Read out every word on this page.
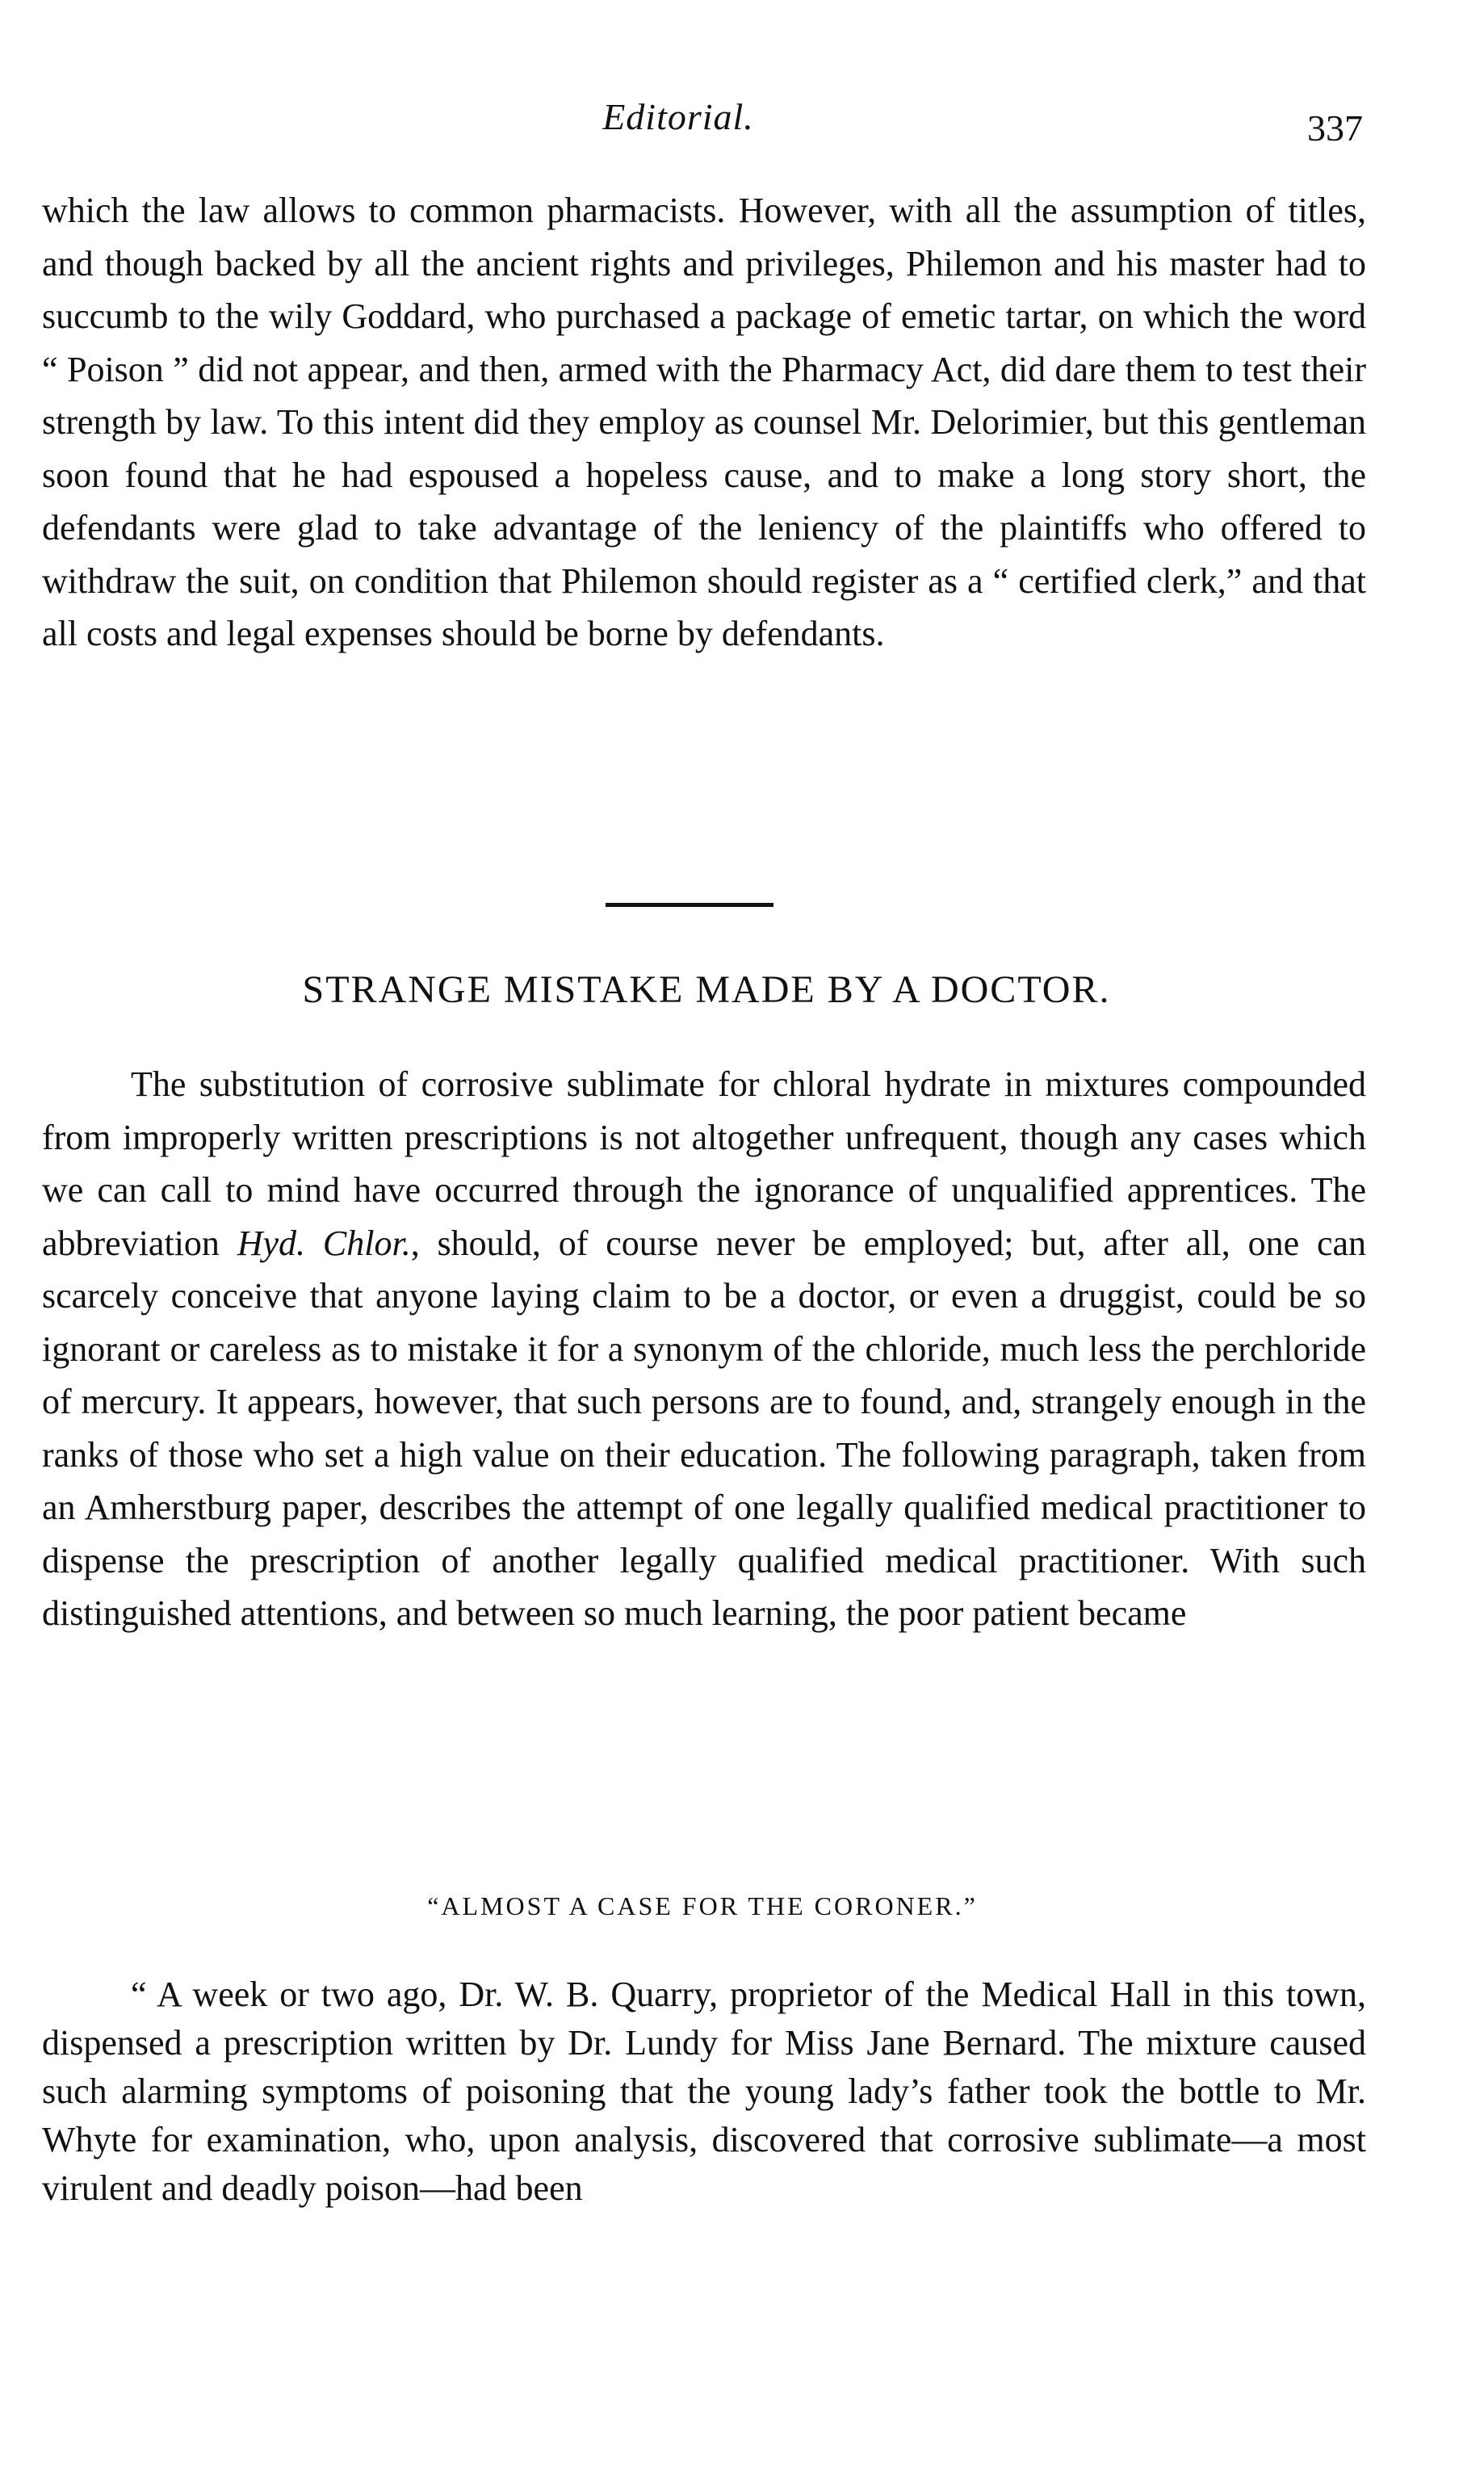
Editorial.	337

which the law allows to common pharmacists. However, with all the assumption of titles, and though backed by all the ancient rights and privileges, Philemon and his master had to succumb to the wily Goddard, who purchased a package of emetic tartar, on which the word “ Poison ” did not appear, and then, armed with the Pharmacy Act, did dare them to test their strength by law. To this intent did they employ as counsel Mr. Delorimier, but this gentleman soon found that he had espoused a hopeless cause, and to make a long story short, the defendants were glad to take advantage of the leniency of the plaintiffs who offered to withdraw the suit, on condition that Philemon should register as a “ certified clerk,” and that all costs and legal expenses should be borne by defendants.

STRANGE MISTAKE MADE BY A DOCTOR.

The substitution of corrosive sublimate for chloral hydrate in mixtures compounded from improperly written prescriptions is not altogether unfrequent, though any cases which we can call to mind have occurred through the ignorance of unqualified apprentices. The abbreviation Hyd. Chlor., should, of course never be employed; but, after all, one can scarcely conceive that anyone laying claim to be a doctor, or even a druggist, could be so ignorant or careless as to mistake it for a synonym of the chloride, much less the perchloride of mercury. It appears, however, that such persons are to found, and, strangely enough in the ranks of those who set a high value on their education. The following paragraph, taken from an Amherstburg paper, describes the attempt of one legally qualified medical practitioner to dispense the prescription of another legally qualified medical practitioner. With such distinguished attentions, and between so much learning, the poor patient became

“ALMOST A CASE FOR THE CORONER.”

“ A week or two ago, Dr. W. B. Quarry, proprietor of the Medical Hall in this town, dispensed a prescription written by Dr. Lundy for Miss Jane Bernard. The mixture caused such alarming symptoms of poisoning that the young lady’s father took the bottle to Mr. Whyte for examination, who, upon analysis, discovered that corrosive sublimate—a most virulent and deadly poison—had been
